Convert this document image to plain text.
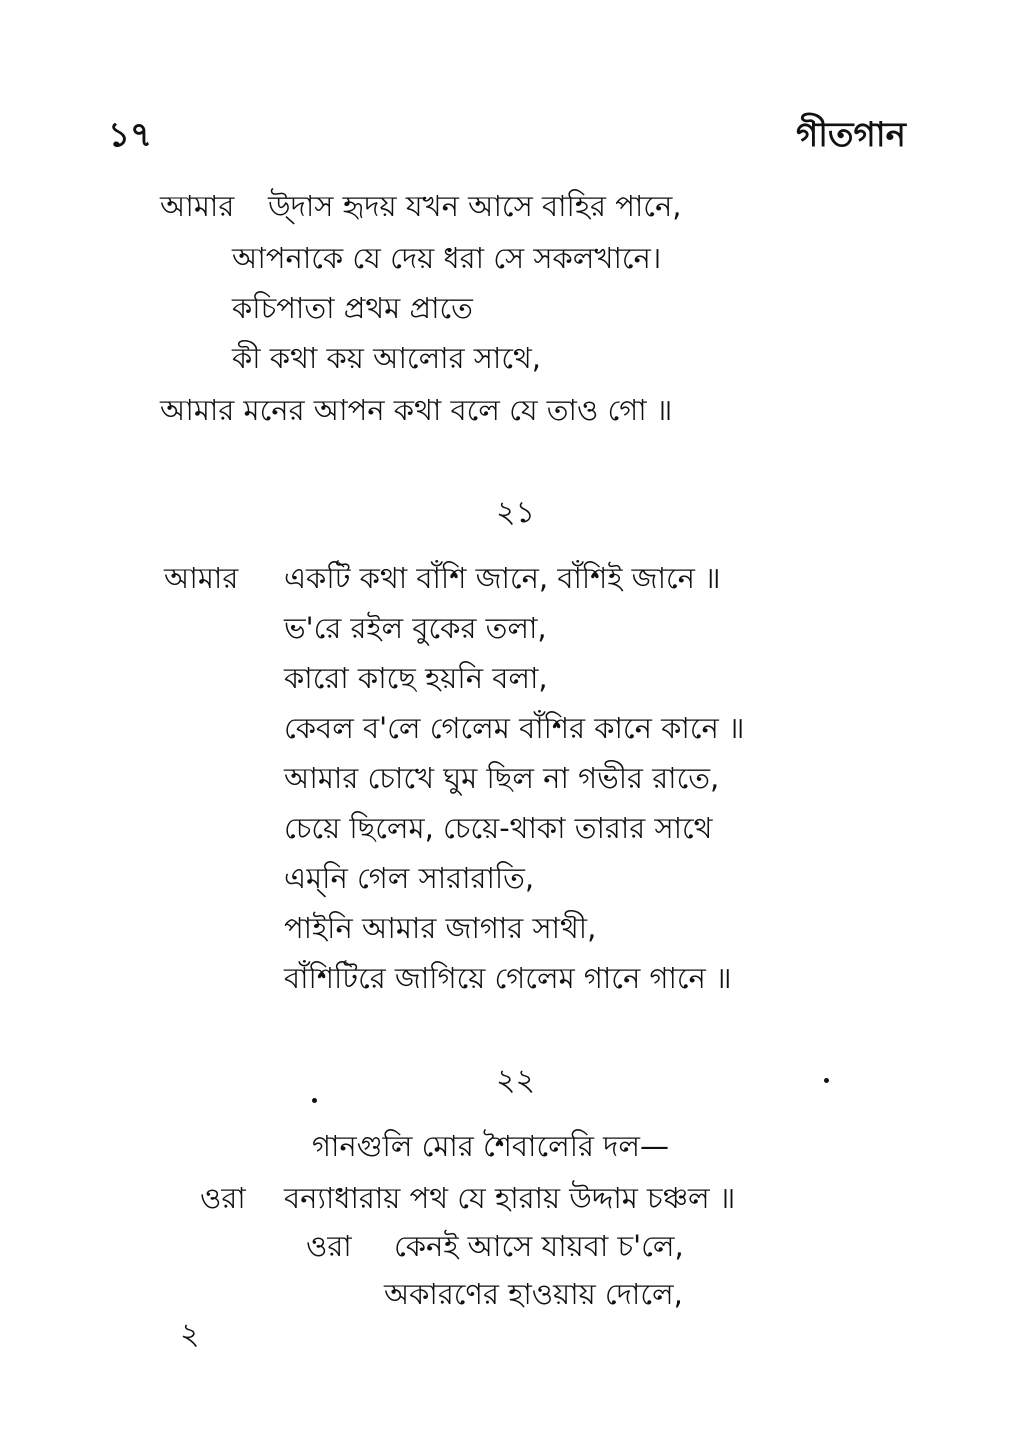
১৭	গীতগান
আমার উ্দাস হৃদয় যখন আসে বাহির পানে,
আপনাকে যে দেয় ধরা সে সকলখানে।
কচিপাতা প্রথম প্রাতে
কী কথা কয় আলোর সাথে,
আমার মনের আপন কথা বলে যে তাও গো ॥
২১
আমার একটি কথা বাঁশি জানে, বাঁশিই জানে ॥
ভ'রে রইল বুকের তলা,
কারো কাছে হয়নি বলা,
কেবল ব'লে গেলেম বাঁশির কানে কানে ॥
আমার চোখে ঘুম ছিল না গভীর রাতে,
চেয়ে ছিলেম, চেয়ে-থাকা তারার সাথে
এম্‌নি গেল সারারাতি,
পাইনি আমার জাগার সাথী,
বাঁশিটিরে জাগিয়ে গেলেম গানে গানে ॥
২২
গানগুলি মোর শৈবালেরি দল—
ওরা বন্যাধারায় পথ যে হারায় উদ্দাম চঞ্চল ॥
ওরা কেনই আসে যায়বা চ'লে,
অকারণের হাওয়ায় দোলে,
২
